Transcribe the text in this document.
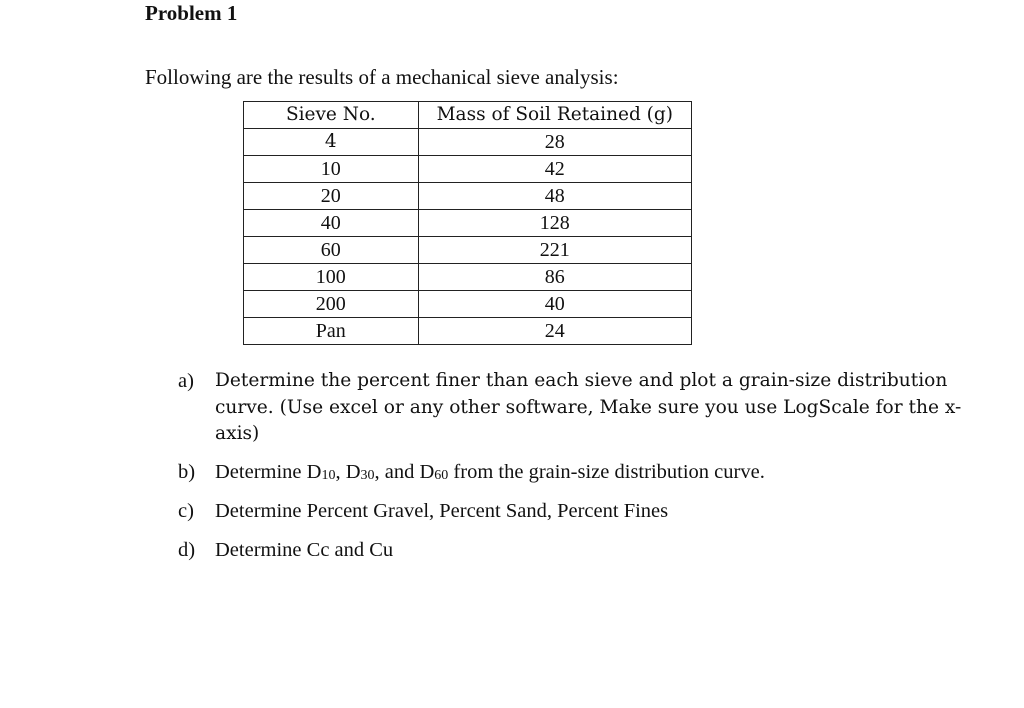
Problem 1

Following are the results of a mechanical sieve analysis:

Sieve No.	Mass of Soil Retained (g)
4	28
10	42
20	48
40	128
60	221
100	86
200	40
Pan	24
a) Determine the percent finer than each sieve and plot a grain-size distribution curve. (Use excel or any other software, Make sure you use LogScale for the x-axis)
b) Determine D10, D30, and D60 from the grain-size distribution curve.
c) Determine Percent Gravel, Percent Sand, Percent Fines
d) Determine Cc and Cu
